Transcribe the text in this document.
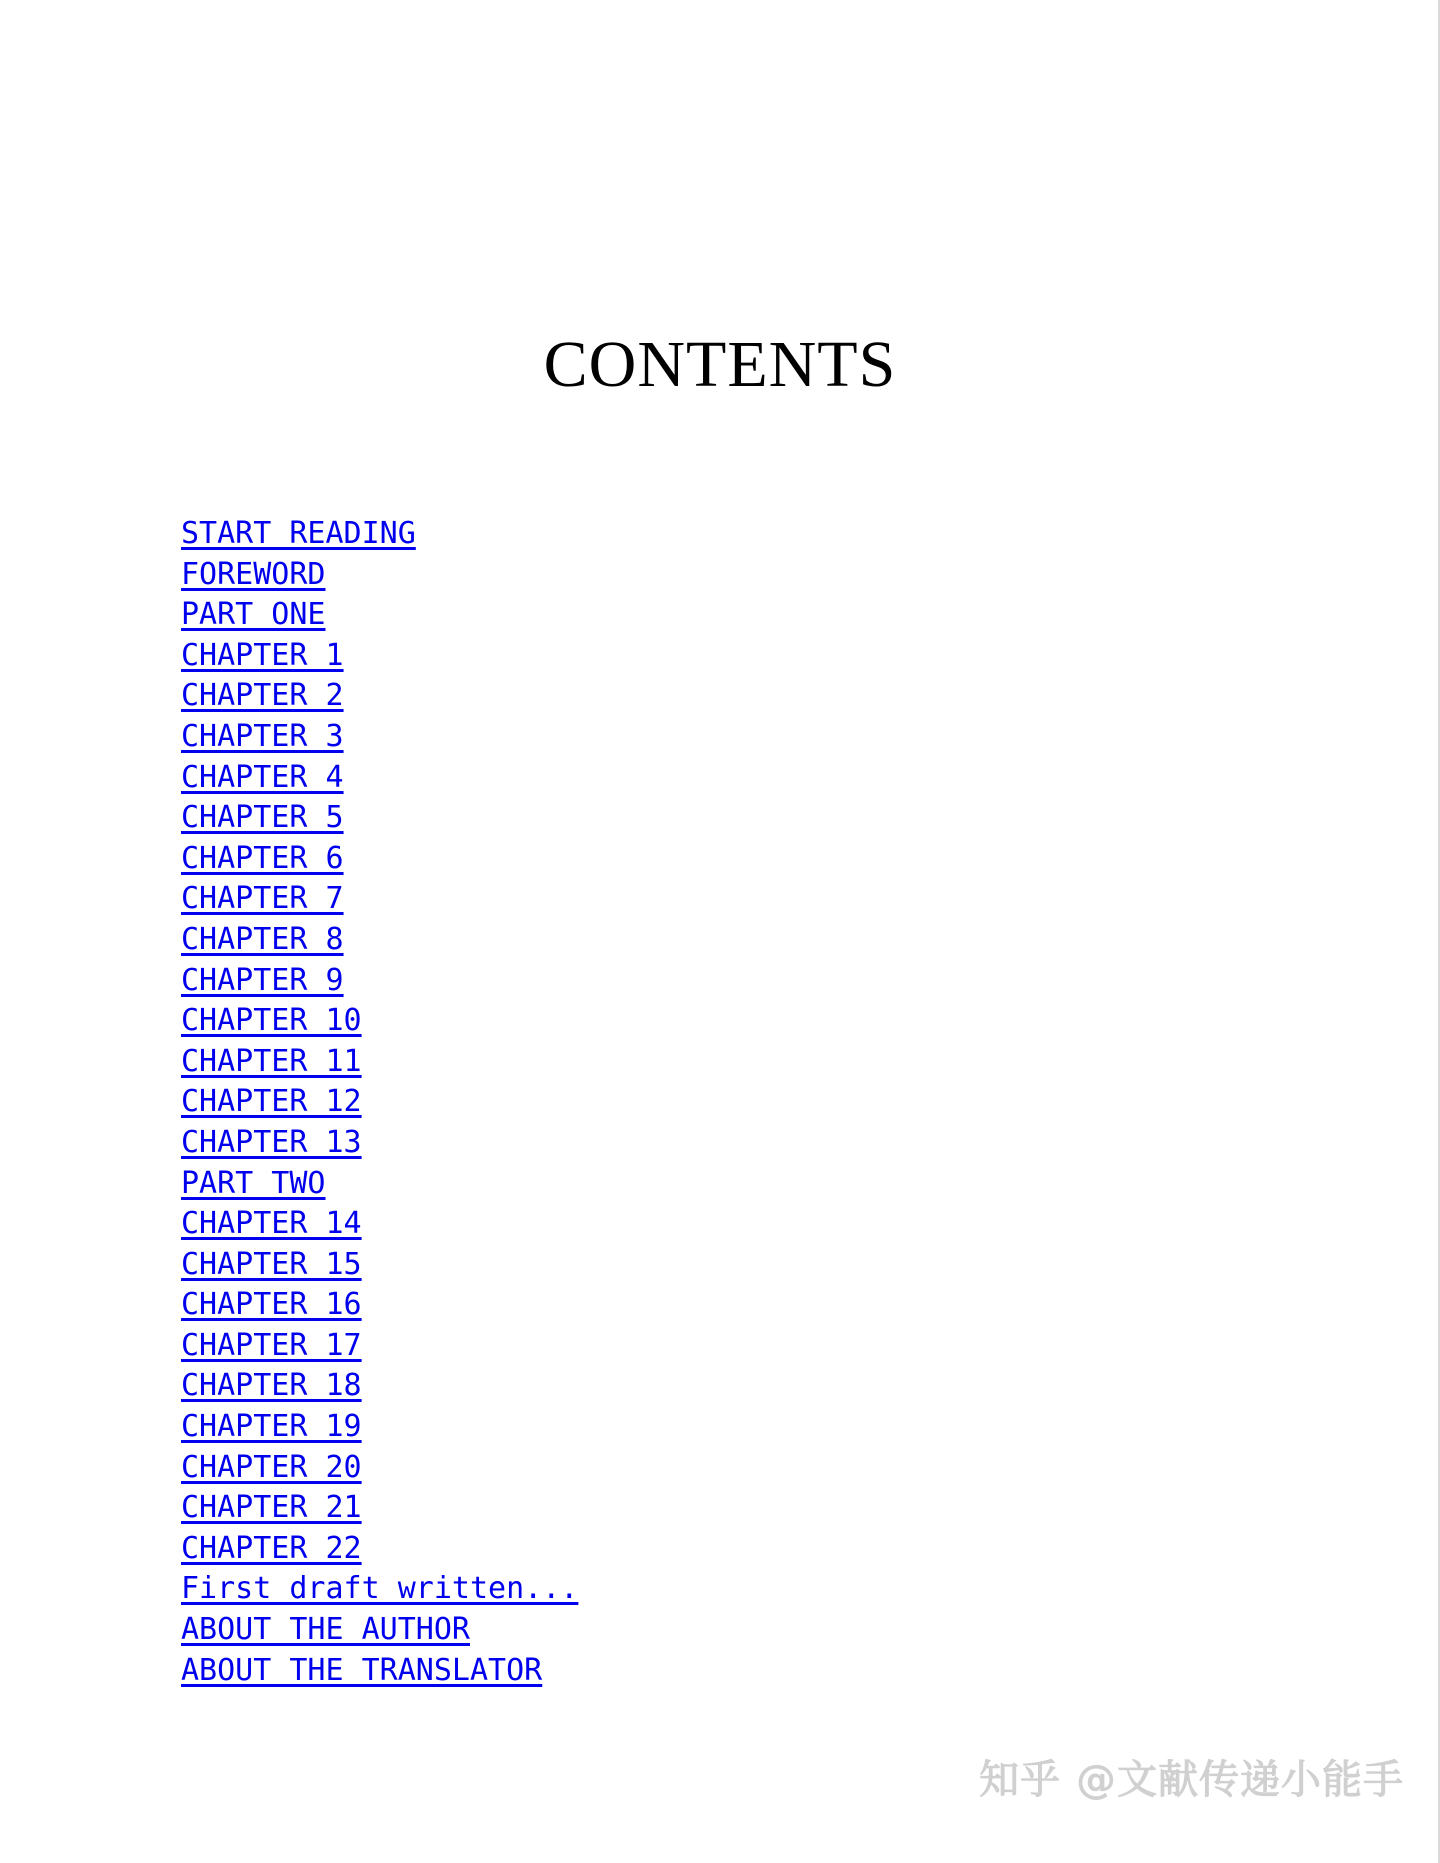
CONTENTS
START READING
FOREWORD
PART ONE
CHAPTER 1
CHAPTER 2
CHAPTER 3
CHAPTER 4
CHAPTER 5
CHAPTER 6
CHAPTER 7
CHAPTER 8
CHAPTER 9
CHAPTER 10
CHAPTER 11
CHAPTER 12
CHAPTER 13
PART TWO
CHAPTER 14
CHAPTER 15
CHAPTER 16
CHAPTER 17
CHAPTER 18
CHAPTER 19
CHAPTER 20
CHAPTER 21
CHAPTER 22
First draft written...
ABOUT THE AUTHOR
ABOUT THE TRANSLATOR
知乎 @文献传递小能手
